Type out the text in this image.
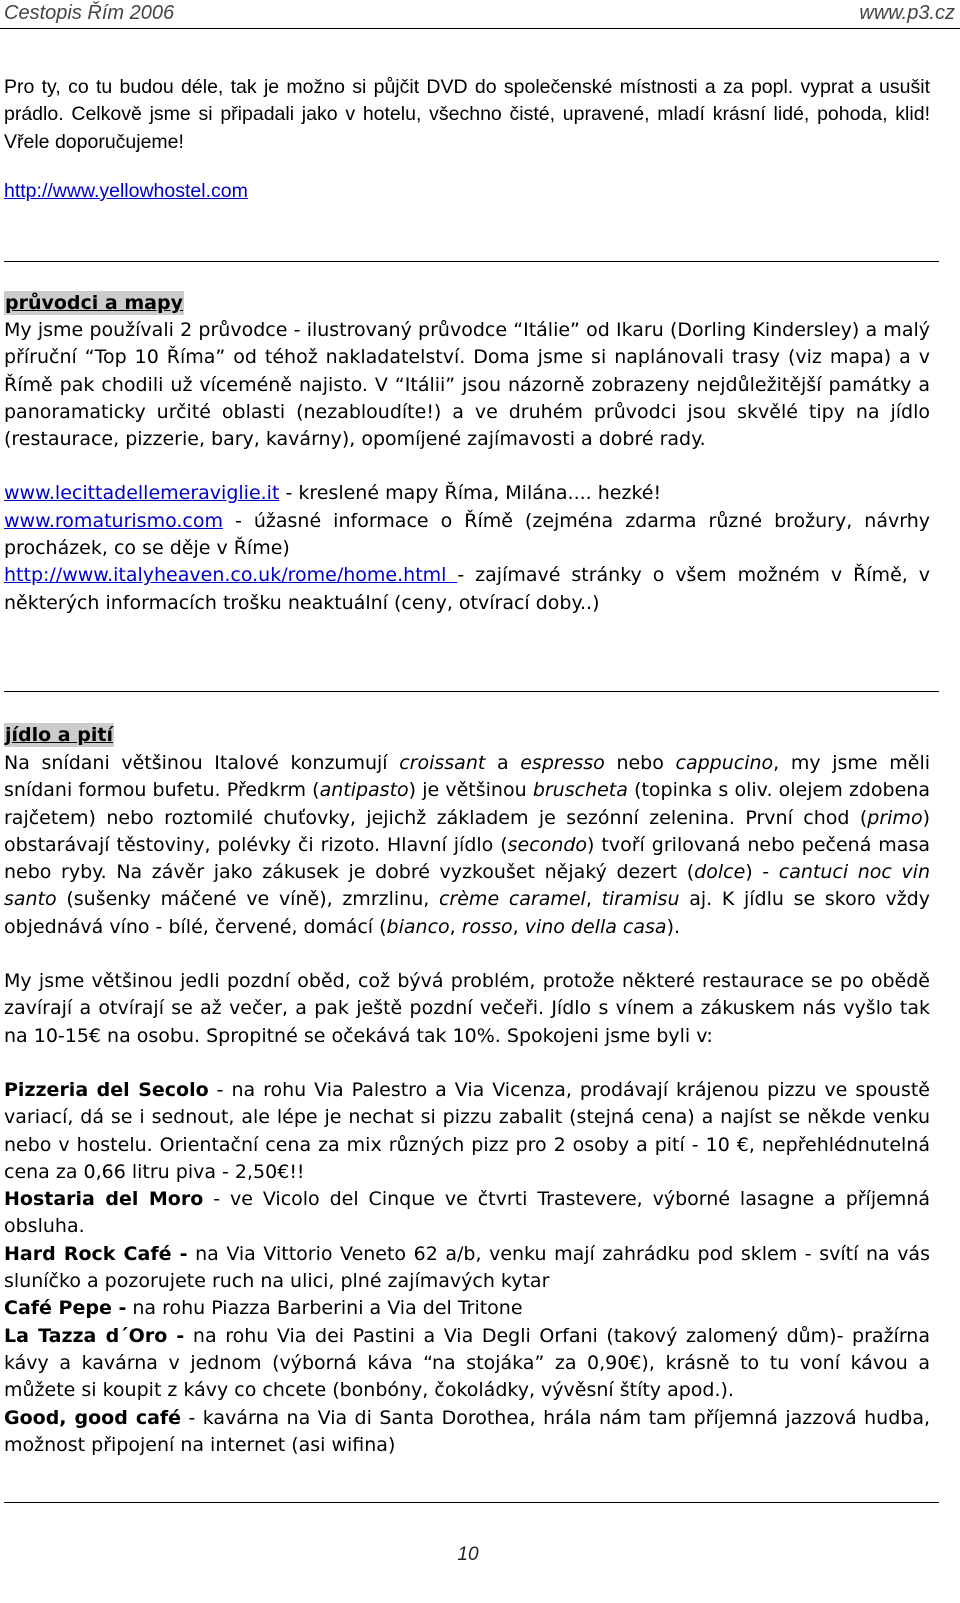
Cestopis Řím 2006	www.p3.cz

Pro ty, co tu budou déle, tak je možno si půjčit DVD do společenské místnosti a za popl. vyprat a usušit prádlo. Celkově jsme si připadali jako v hotelu, všechno čisté, upravené, mladí krásní lidé, pohoda, klid! Vřele doporučujeme!

http://www.yellowhostel.com

průvodci a mapy

My jsme používali 2 průvodce - ilustrovaný průvodce “Itálie” od Ikaru (Dorling Kindersley) a malý příruční “Top 10 Říma” od téhož nakladatelství. Doma jsme si naplánovali trasy (viz mapa) a v Římě pak chodili už víceméně najisto. V “Itálii” jsou názorně zobrazeny nejdůležitější památky a panoramaticky určité oblasti (nezabloudíte!) a ve druhém průvodci jsou skvělé tipy na jídlo (restaurace, pizzerie, bary, kavárny), opomíjené zajímavosti a dobré rady.

www.lecittadellemeraviglie.it - kreslené mapy Říma, Milána.... hezké!

www.romaturismo.com - úžasné informace o Římě (zejména zdarma různé brožury, návrhy procházek, co se děje v Říme)

http://www.italyheaven.co.uk/rome/home.html - zajímavé stránky o všem možném v Římě, v některých informacích trošku neaktuální (ceny, otvírací doby..)

jídlo a pití

Na snídani většinou Italové konzumují croissant a espresso nebo cappucino, my jsme měli snídani formou bufetu. Předkrm (antipasto) je většinou bruscheta (topinka s oliv. olejem zdobena rajčetem) nebo roztomilé chuťovky, jejichž základem je sezónní zelenina. První chod (primo) obstarávají těstoviny, polévky či rizoto. Hlavní jídlo (secondo) tvoří grilovaná nebo pečená masa nebo ryby. Na závěr jako zákusek je dobré vyzkoušet nějaký dezert (dolce) - cantuci noc vin santo (sušenky máčené ve víně), zmrzlinu, crème caramel, tiramisu aj. K jídlu se skoro vždy objednává víno - bílé, červené, domácí (bianco, rosso, vino della casa).

My jsme většinou jedli pozdní oběd, což bývá problém, protože některé restaurace se po obědě zavírají a otvírají se až večer, a pak ještě pozdní večeři. Jídlo s vínem a zákuskem nás vyšlo tak na 10-15€ na osobu. Spropitné se očekává tak 10%. Spokojeni jsme byli v:

Pizzeria del Secolo - na rohu Via Palestro a Via Vicenza, prodávají krájenou pizzu ve spoustě variací, dá se i sednout, ale lépe je nechat si pizzu zabalit (stejná cena) a najíst se někde venku nebo v hostelu. Orientační cena za mix různých pizz pro 2 osoby a pití - 10 €, nepřehlédnutelná cena za 0,66 litru piva - 2,50€!!

Hostaria del Moro - ve Vicolo del Cinque ve čtvrti Trastevere, výborné lasagne a příjemná obsluha.

Hard Rock Café - na Via Vittorio Veneto 62 a/b, venku mají zahrádku pod sklem - svítí na vás sluníčko a pozorujete ruch na ulici, plné zajímavých kytar

Café Pepe - na rohu Piazza Barberini a Via del Tritone

La Tazza d´Oro - na rohu Via dei Pastini a Via Degli Orfani (takový zalomený dům)- pražírna kávy a kavárna v jednom (výborná káva “na stojáka” za 0,90€), krásně to tu voní kávou a můžete si koupit z kávy co chcete (bonbóny, čokoládky, vývěsní štíty apod.).

Good, good café - kavárna na Via di Santa Dorothea, hrála nám tam příjemná jazzová hudba, možnost připojení na internet (asi wifina)

10
